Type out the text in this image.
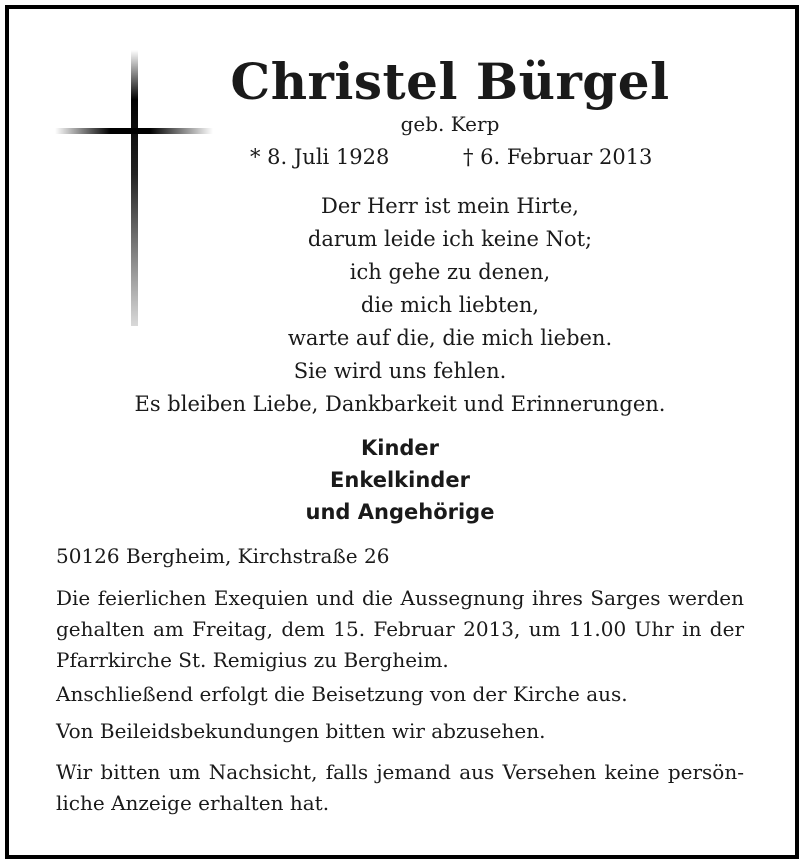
Christel Bürgel
geb. Kerp
* 8. Juli 1928	† 6. Februar 2013
Der Herr ist mein Hirte,
darum leide ich keine Not;
ich gehe zu denen,
die mich liebten,
warte auf die, die mich lieben.
Sie wird uns fehlen.
Es bleiben Liebe, Dankbarkeit und Erinnerungen.
Kinder
Enkelkinder
und Angehörige
50126 Bergheim, Kirchstraße 26
Die feierlichen Exequien und die Aussegnung ihres Sarges werden
gehalten am Freitag, dem 15. Februar 2013, um 11.00 Uhr in der
Pfarrkirche St. Remigius zu Bergheim.
Anschließend erfolgt die Beisetzung von der Kirche aus.
Von Beileidsbekundungen bitten wir abzusehen.
Wir bitten um Nachsicht, falls jemand aus Versehen keine persön-
liche Anzeige erhalten hat.
